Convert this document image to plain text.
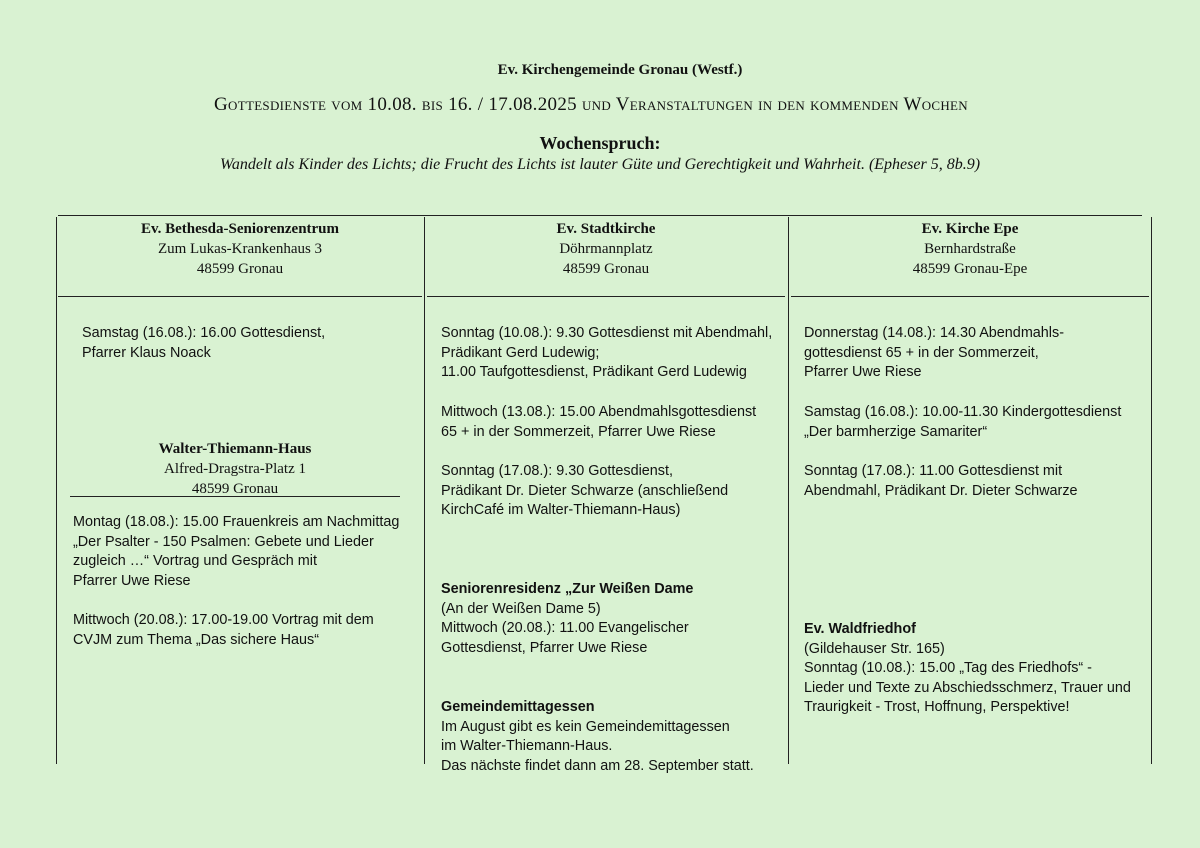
Ev. Kirchengemeinde Gronau (Westf.)
Gottesdienste vom 10.08. bis 16. / 17.08.2025 und Veranstaltungen in den kommenden Wochen
Wochenspruch:
Wandelt als Kinder des Lichts; die Frucht des Lichts ist lauter Güte und Gerechtigkeit und Wahrheit. (Epheser 5, 8b.9)
Ev. Bethesda-Seniorenzentrum
Zum Lukas-Krankenhaus 3
48599 Gronau
Ev. Stadtkirche
Döhrmannplatz
48599 Gronau
Ev. Kirche Epe
Bernhardstraße
48599 Gronau-Epe

Samstag (16.08.): 16.00 Gottesdienst,

Pfarrer Klaus Noack

Walter-Thiemann-Haus
Alfred-Dragstra-Platz 1
48599 Gronau

Montag (18.08.): 15.00 Frauenkreis am Nachmittag

„Der Psalter - 150 Psalmen: Gebete und Lieder

zugleich …“ Vortrag und Gespräch mit

Pfarrer Uwe Riese

Mittwoch (20.08.): 17.00-19.00 Vortrag mit dem

CVJM zum Thema „Das sichere Haus“

Sonntag (10.08.): 9.30 Gottesdienst mit Abendmahl,

Prädikant Gerd Ludewig;

11.00 Taufgottesdienst, Prädikant Gerd Ludewig

Mittwoch (13.08.): 15.00 Abendmahlsgottesdienst

65 + in der Sommerzeit, Pfarrer Uwe Riese

Sonntag (17.08.): 9.30 Gottesdienst,

Prädikant Dr. Dieter Schwarze (anschließend

KirchCafé im Walter-Thiemann-Haus)

Seniorenresidenz „Zur Weißen Dame

(An der Weißen Dame 5)

Mittwoch (20.08.): 11.00 Evangelischer

Gottesdienst, Pfarrer Uwe Riese

Gemeindemittagessen

Im August gibt es kein Gemeindemittagessen

im Walter-Thiemann-Haus.

Das nächste findet dann am 28. September statt.

Donnerstag (14.08.): 14.30 Abendmahls-

gottesdienst 65 + in der Sommerzeit,

Pfarrer Uwe Riese

Samstag (16.08.): 10.00-11.30 Kindergottesdienst

„Der barmherzige Samariter“

Sonntag (17.08.): 11.00 Gottesdienst mit

Abendmahl, Prädikant Dr. Dieter Schwarze

Ev. Waldfriedhof

(Gildehauser Str. 165)

Sonntag (10.08.): 15.00 „Tag des Friedhofs“ -

Lieder und Texte zu Abschiedsschmerz, Trauer und

Traurigkeit - Trost, Hoffnung, Perspektive!
